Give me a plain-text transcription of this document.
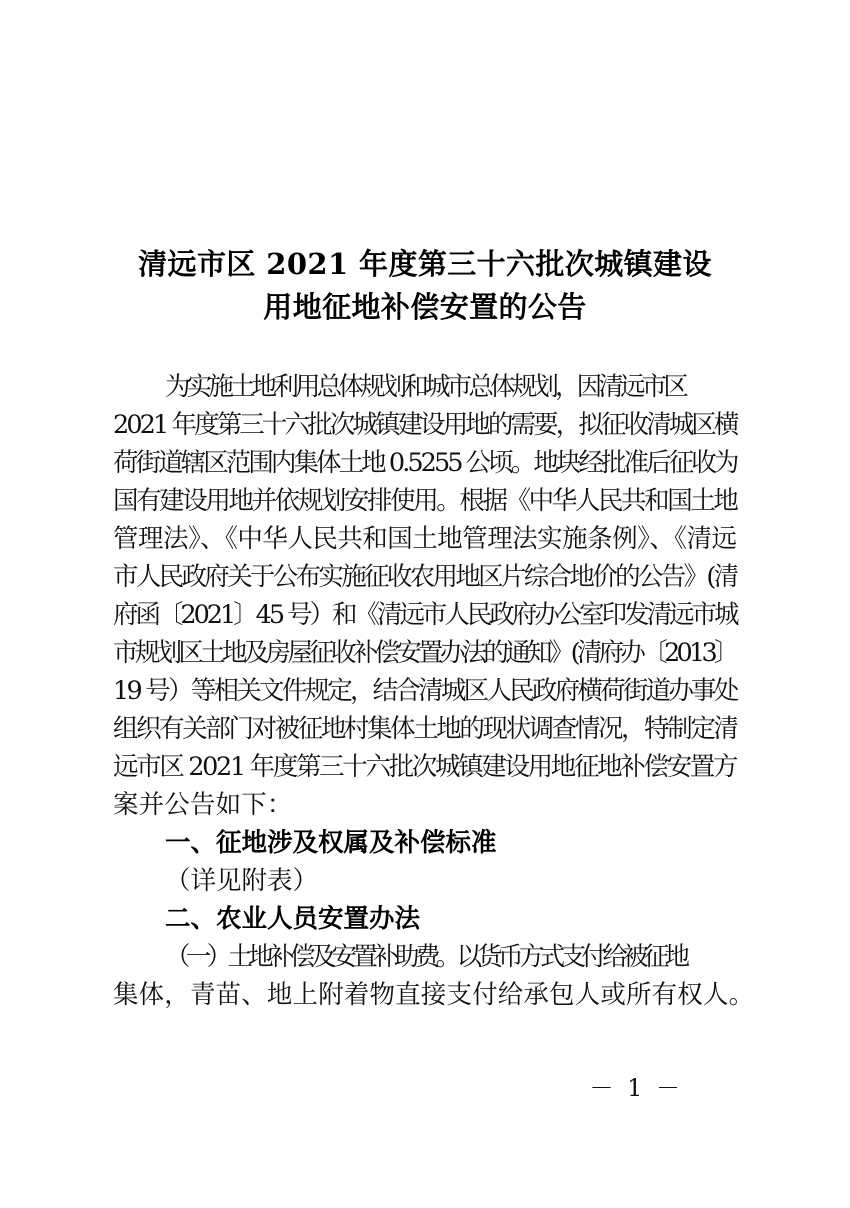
清远市区 2021 年度第三十六批次城镇建设
用地征地补偿安置的公告

为实施土地利用总体规划和城市总体规划，因清远市区
2021 年度第三十六批次城镇建设用地的需要，拟征收清城区横
荷街道辖区范围内集体土地 0.5255 公顷。地块经批准后征收为
国有建设用地并依规划安排使用。根据《中华人民共和国土地
管理法》、《中华人民共和国土地管理法实施条例》、《清远
市人民政府关于公布实施征收农用地区片综合地价的公告》(清
府函〔2021〕45 号）和《清远市人民政府办公室印发清远市城
市规划区土地及房屋征收补偿安置办法的通知》(清府办〔2013〕
19 号）等相关文件规定，结合清城区人民政府横荷街道办事处
组织有关部门对被征地村集体土地的现状调查情况，特制定清
远市区 2021 年度第三十六批次城镇建设用地征地补偿安置方
案并公告如下：

一、征地涉及权属及补偿标准

（详见附表）

二、农业人员安置办法

（一）土地补偿及安置补助费。以货币方式支付给被征地
集体，青苗、地上附着物直接支付给承包人或所有权人。

－ 1 －
